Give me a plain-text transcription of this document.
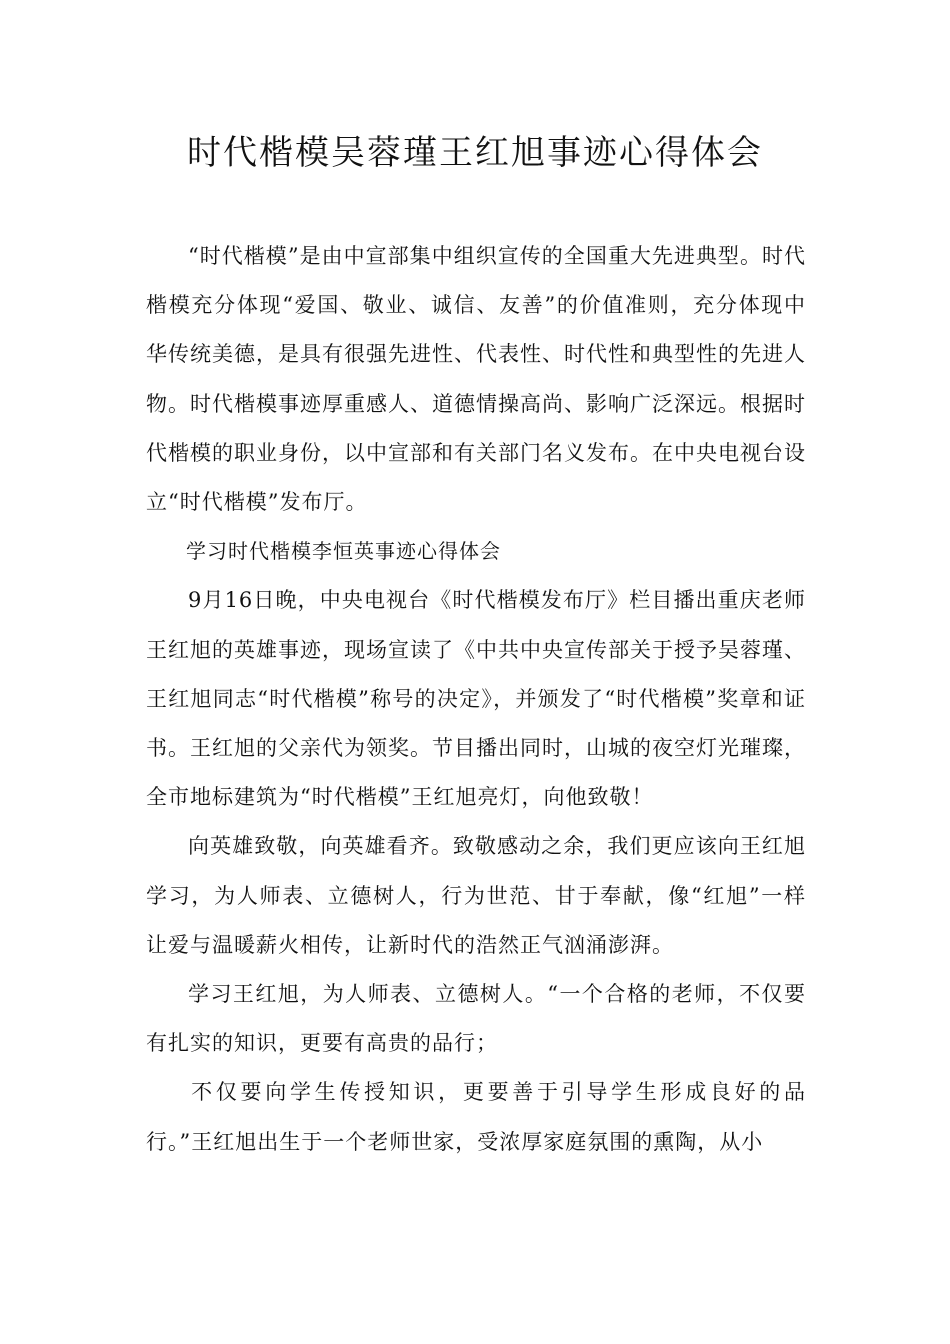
时代楷模吴蓉瑾王红旭事迹心得体会

“时代楷模”是由中宣部集中组织宣传的全国重大先进典型。时代楷模充分体现“爱国、敬业、诚信、友善”的价值准则，充分体现中华传统美德，是具有很强先进性、代表性、时代性和典型性的先进人物。时代楷模事迹厚重感人、道德情操高尚、影响广泛深远。根据时代楷模的职业身份，以中宣部和有关部门名义发布。在中央电视台设立“时代楷模”发布厅。

学习时代楷模李恒英事迹心得体会

9月16日晚，中央电视台《时代楷模发布厅》栏目播出重庆老师王红旭的英雄事迹，现场宣读了《中共中央宣传部关于授予吴蓉瑾、王红旭同志“时代楷模”称号的决定》，并颁发了“时代楷模”奖章和证书。王红旭的父亲代为领奖。节目播出同时，山城的夜空灯光璀璨，全市地标建筑为“时代楷模”王红旭亮灯，向他致敬！

向英雄致敬，向英雄看齐。致敬感动之余，我们更应该向王红旭学习，为人师表、立德树人，行为世范、甘于奉献，像“红旭”一样让爱与温暖薪火相传，让新时代的浩然正气汹涌澎湃。

学习王红旭，为人师表、立德树人。“一个合格的老师，不仅要有扎实的知识，更要有高贵的品行；

不仅要向学生传授知识，更要善于引导学生形成良好的品行。”王红旭出生于一个老师世家，受浓厚家庭氛围的熏陶，从小
